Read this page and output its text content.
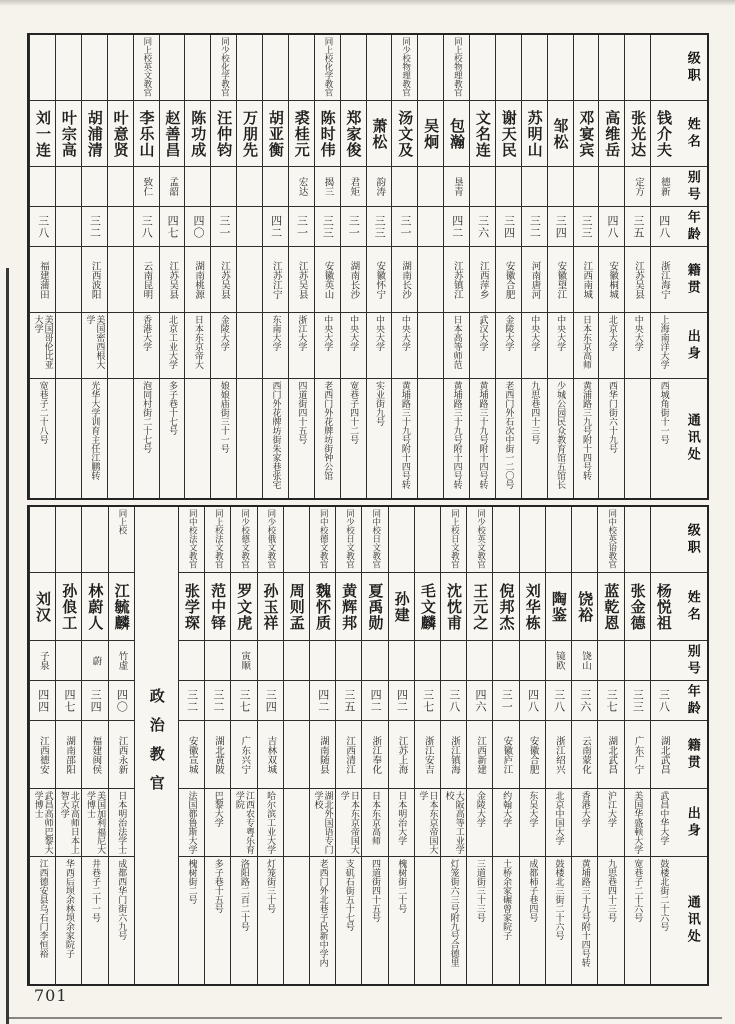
级职
姓名
别号
年龄
籍贯
出身
通讯处
钱介夫
德新
四八
浙江海宁
上海南洋大学
西城角街十一号
张光达
定方
三五
江苏吴县
中央大学
高维岳
四八
安徽桐城
北京大学
西华门街六十九号
邓宴宾
三三
江西南城
日本东京高师
黄浦路三九号附十四号转
邹松
三四
安徽望江
中央大学
少城公园民众教育馆五馆长
苏明山
三二
河南唐河
中央大学
九思巷四十三号
谢天民
三四
安徽合肥
金陵大学
老西门外石次中街一二〇号
文名连
三六
江西萍乡
武汉大学
黄埔路三十九号附十四号转
同上校物理教官
包瀚
垦青
四二
江苏镇江
日本高等师范
黄埔路三十九号附十四号转
吴炯
同少校物理教官
汤文及
三一
湖南长沙
中央大学
黄埔路三十九号附十四号转
萧松
韵涛
三三
安徽怀宁
中央大学
实业街九号
郑家俊
君矩
三一
湖南长沙
中央大学
宽巷子四十二号
同上校化学教官
陈时伟
揭三
三三
安徽英山
中央大学
老西门外花牌坊街钟公馆
裘桂元
宏达
三一
江苏吴县
浙江大学
四道街四十五号
胡亚衡
四二
江苏江宁
东南大学
西门外花牌坊街朱家巷张宅
万朋先
同少校化学教官
汪仲钧
三一
江苏吴县
金陵大学
娘娘庙街三十一号
陈功成
四〇
湖南桃源
日本东京帝大
赵善昌
孟韶
四七
江苏吴县
北京工业大学
多子巷十七号
同上校英文教官
李乐山
致仁
三八
云南昆明
香港大学
泡同村街二十七号
叶意贤
胡浦清
三二
江西波阳
美国密西根大学
光华大学训育主任江鹏转
叶宗高
刘一连
三八
福建蒲田
美国哥伦比亚大学
宽巷子二十八号
级职
姓名
别号
年龄
籍贯
出身
通讯处
杨悦祖
三八
湖北武昌
武昌中华大学
鼓楼北街二十六号
张金德
三三
广东广宁
美国华盛顿大学
宽巷子二十六号
同中校英语教官
蓝乾恩
三七
湖北武昌
沪江大学
九思巷四十三号
饶裕
饶山
三六
云南蒙化
香港大学
黄埔路三十九号附十四号转
陶鉴
镜欧
三八
浙江绍兴
北京中国大学
鼓楼北三街二十六号
刘华栋
四八
安徽合肥
东吴大学
成都柿子巷四号
倪邦杰
三一
安徽庐江
约翰大学
土桥余家碾曾家院子
同少校英文教官
王元之
四六
江西新建
金陵大学
三道街三十三号
同上校日文教官
沈忱甫
三八
浙江镇海
大阪高等工业学校
灯笼街六三号附九号合德里
毛文麟
三七
浙江安吉
日本东京帝国大学
孙建
四二
江苏上海
日本明治大学
槐树街二十号
同中校日文教官
夏禹勋
四二
浙江奉化
日本东京高师
四道街四十五号
同少校日文教官
黄辉邦
三五
江西清江
日本东京帝国大学
支矶石街五十七号
同中校德文教官
魏怀质
四二
湖南随县
湖北外国语专门学校
老西门外北巷子民新中学内
周则孟
同少校俄文教官
孙玉祥
三四
吉林双城
哈尔滨工业大学
灯笼街三十号
同少校德文教官
罗文虎
寅顺
三七
广东兴宁
江西农专粤乐育学院
洛阳路二百二十号
同上校法文教官
范中铎
三二
湖北黄陂
巴黎大学
多子巷十五号
同中校法文教官
张学琛
三二
安徽宣城
法国都鲁斯大学
槐树街二号
政治教官
同上校
江毓麟
竹虚
四〇
江西永新
日本明治法学士
成都西华门街六九号
林蔚人
蔚
三四
福建闽侯
美国加利福尼大学博士
井巷子二十一号
孙俍工
四七
湖南邵阳
北京高师日本上智大学
华西后坝余林坝余家院子
刘汉
子泉
四四
江西德安
武昌高师巴黎大学博士
江西德安县乌石门李恒裕
701
